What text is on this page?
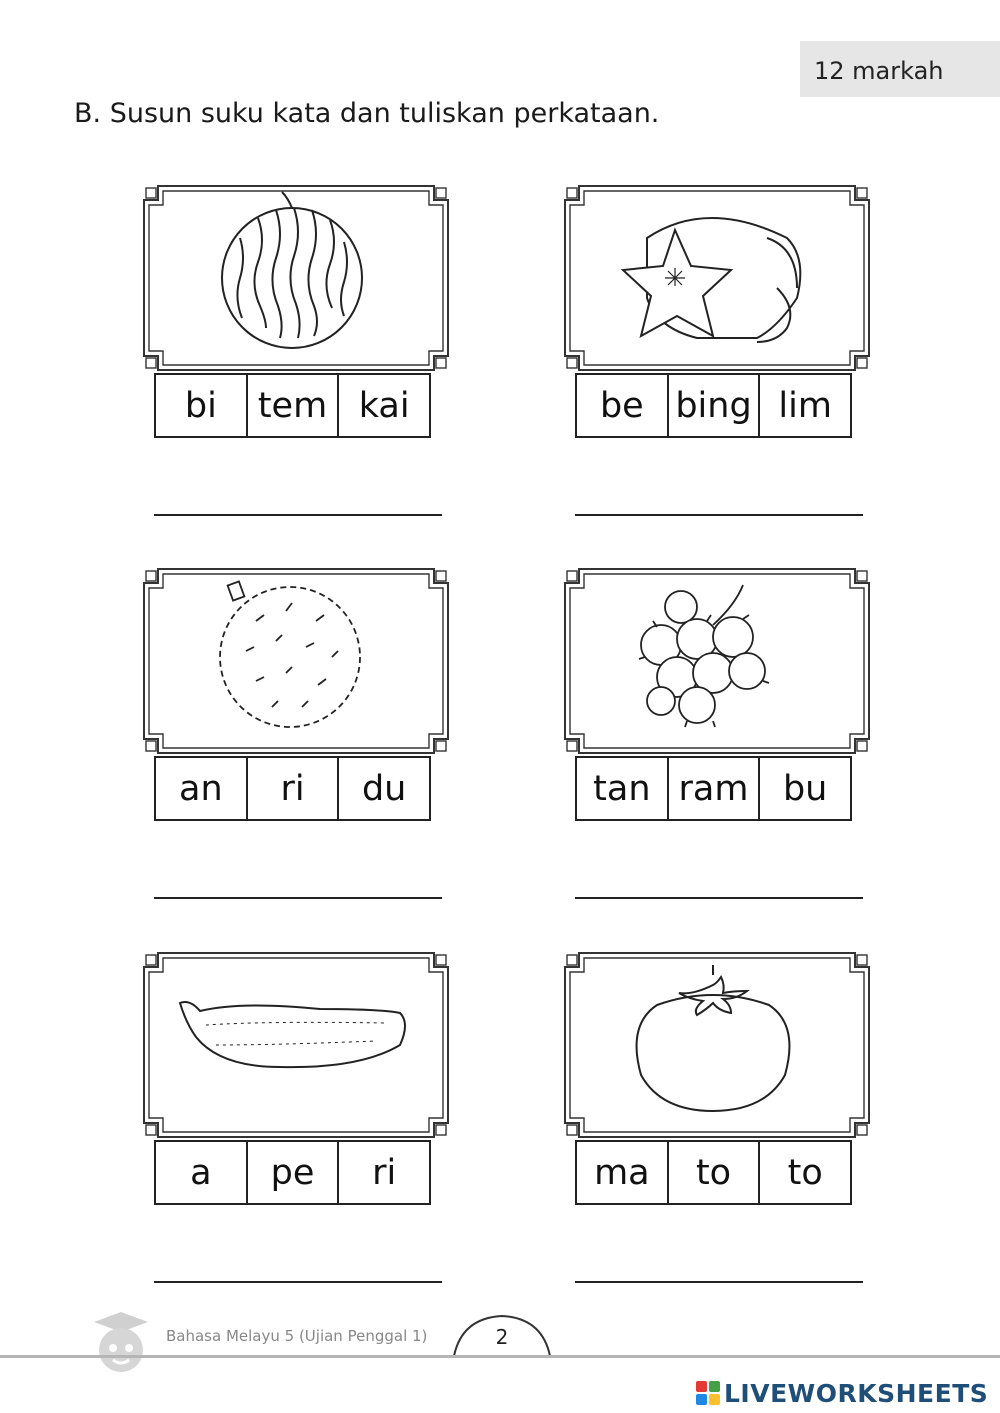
12 markah
B. Susun suku kata dan tuliskan perkataan.
bi	tem kai	be bing lim
an	ri	du	tan ram bu
a	pe	ri	ma	to	to
Bahasa Melayu 5 (Ujian Penggal 1)	2
LIVEWORKSHEETS
